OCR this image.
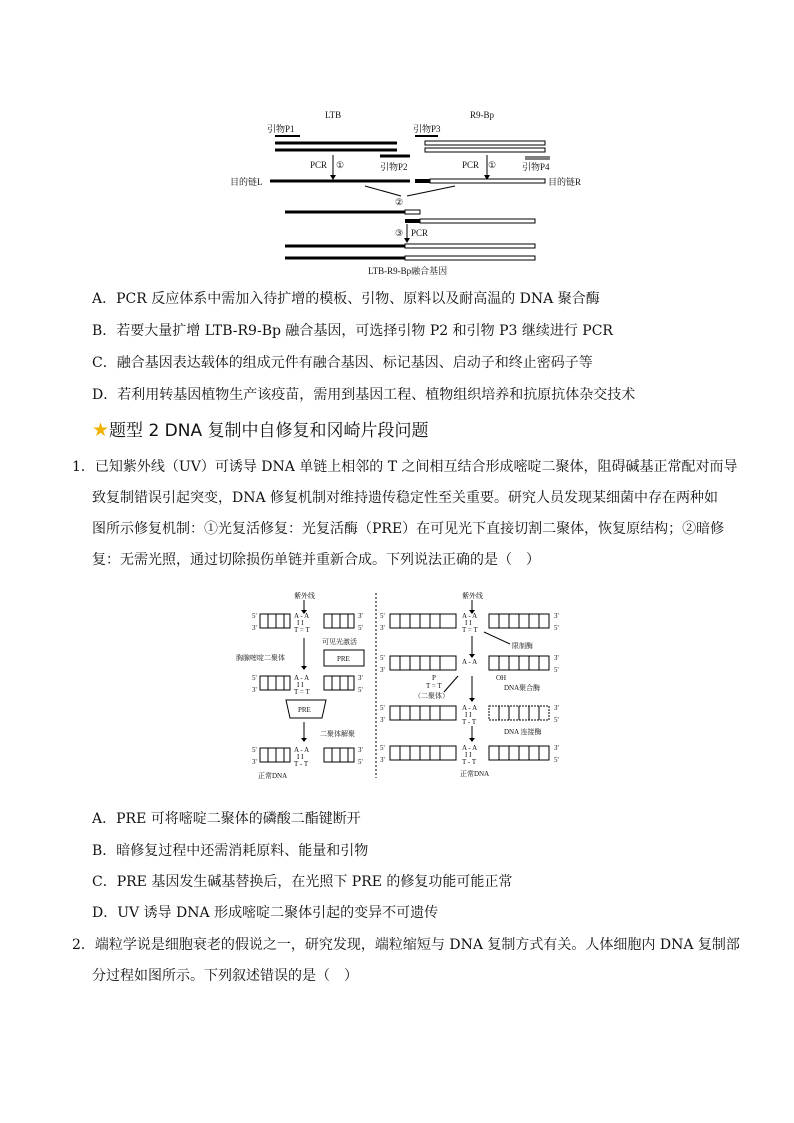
LTB	R9-Bp
引物P1	引物P3
PCR ①	引物P2	PCR ①	引物P4
目的链L	目的链R
②
③ PCR
LTB-R9-Bp融合基因
A．PCR 反应体系中需加入待扩增的模板、引物、原料以及耐高温的 DNA 聚合酶
B．若要大量扩增 LTB-R9-Bp 融合基因，可选择引物 P2 和引物 P3 继续进行 PCR
C．融合基因表达载体的组成元件有融合基因、标记基因、启动子和终止密码子等
D．若利用转基因植物生产该疫苗，需用到基因工程、植物组织培养和抗原抗体杂交技术
★题型 2 DNA 复制中自修复和冈崎片段问题
1．已知紫外线（UV）可诱导 DNA 单链上相邻的 T 之间相互结合形成嘧啶二聚体，阻碍碱基正常配对而导
致复制错误引起突变，DNA 修复机制对维持遗传稳定性至关重要。研究人员发现某细菌中存在两种如
图所示修复机制：①光复活修复：光复活酶（PRE）在可见光下直接切割二聚体，恢复原结构；②暗修
复：无需光照，通过切除损伤单链并重新合成。下列说法正确的是（　）
紫外线
5'
3'
A - A
I I
T = T
3'
5'
可见光激活
胸腺嘧啶二聚体	PRE
5'
3'
A - A
I I
T = T
3'
5'
PRE
二聚体解聚
5'
3'
A - A
I I
T - T
3'
5'
正常DNA
紫外线
5'
3'
A - A
I I
T = T
3'
5'
限制酶
5'
3'
A - A	3'
5'
P
T = T
（二聚体）
OH
DNA聚合酶
5'
3'
A - A
I I
T - T
3'
5'
DNA 连接酶
5'
3'
A - A
I I
T - T
3'
5'
正常DNA
A．PRE 可将嘧啶二聚体的磷酸二酯键断开
B．暗修复过程中还需消耗原料、能量和引物
C．PRE 基因发生碱基替换后，在光照下 PRE 的修复功能可能正常
D．UV 诱导 DNA 形成嘧啶二聚体引起的变异不可遗传
2．端粒学说是细胞衰老的假说之一，研究发现，端粒缩短与 DNA 复制方式有关。人体细胞内 DNA 复制部
分过程如图所示。下列叙述错误的是（　）
